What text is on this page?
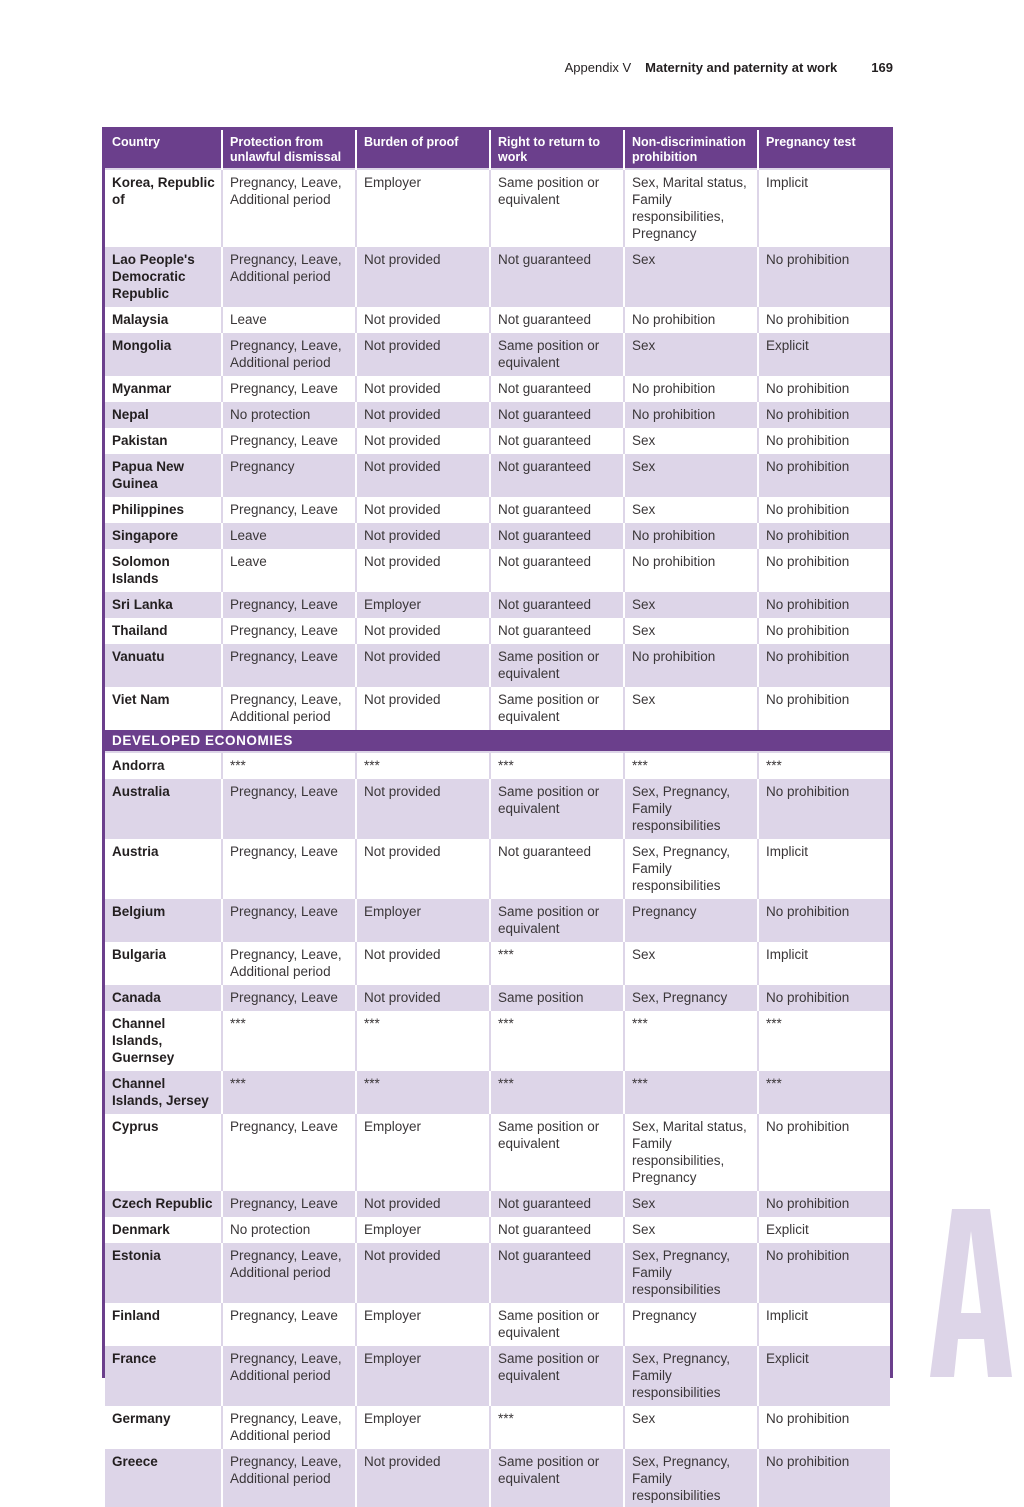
Appendix V Maternity and paternity at work	169
Country	Protection from unlawful dismissal	Burden of proof	Right to return to work	Non-discrimination prohibition	Pregnancy test
Korea, Republic of	Pregnancy, Leave, Additional period	Employer	Same position or equivalent	Sex, Marital status, Family responsibilities, Pregnancy	Implicit
Lao People's Democratic Republic	Pregnancy, Leave, Additional period	Not provided	Not guaranteed	Sex	No prohibition
Malaysia	Leave	Not provided	Not guaranteed	No prohibition	No prohibition
Mongolia	Pregnancy, Leave, Additional period	Not provided	Same position or equivalent	Sex	Explicit
Myanmar	Pregnancy, Leave	Not provided	Not guaranteed	No prohibition	No prohibition
Nepal	No protection	Not provided	Not guaranteed	No prohibition	No prohibition
Pakistan	Pregnancy, Leave	Not provided	Not guaranteed	Sex	No prohibition
Papua New Guinea	Pregnancy	Not provided	Not guaranteed	Sex	No prohibition
Philippines	Pregnancy, Leave	Not provided	Not guaranteed	Sex	No prohibition
Singapore	Leave	Not provided	Not guaranteed	No prohibition	No prohibition
Solomon Islands	Leave	Not provided	Not guaranteed	No prohibition	No prohibition
Sri Lanka	Pregnancy, Leave	Employer	Not guaranteed	Sex	No prohibition
Thailand	Pregnancy, Leave	Not provided	Not guaranteed	Sex	No prohibition
Vanuatu	Pregnancy, Leave	Not provided	Same position or equivalent	No prohibition	No prohibition
Viet Nam	Pregnancy, Leave, Additional period	Not provided	Same position or equivalent	Sex	No prohibition
DEVELOPED ECONOMIES					
Andorra	***	***	***	***	***
Australia	Pregnancy, Leave	Not provided	Same position or equivalent	Sex, Pregnancy, Family responsibilities	No prohibition
Austria	Pregnancy, Leave	Not provided	Not guaranteed	Sex, Pregnancy, Family responsibilities	Implicit
Belgium	Pregnancy, Leave	Employer	Same position or equivalent	Pregnancy	No prohibition
Bulgaria	Pregnancy, Leave, Additional period	Not provided	***	Sex	Implicit
Canada	Pregnancy, Leave	Not provided	Same position	Sex, Pregnancy	No prohibition
Channel Islands, Guernsey	***	***	***	***	***
Channel Islands, Jersey	***	***	***	***	***
Cyprus	Pregnancy, Leave	Employer	Same position or equivalent	Sex, Marital status, Family responsibilities, Pregnancy	No prohibition
Czech Republic	Pregnancy, Leave	Not provided	Not guaranteed	Sex	No prohibition
Denmark	No protection	Employer	Not guaranteed	Sex	Explicit
Estonia	Pregnancy, Leave, Additional period	Not provided	Not guaranteed	Sex, Pregnancy, Family responsibilities	No prohibition
Finland	Pregnancy, Leave	Employer	Same position or equivalent	Pregnancy	Implicit
France	Pregnancy, Leave, Additional period	Employer	Same position or equivalent	Sex, Pregnancy, Family responsibilities	Explicit
Germany	Pregnancy, Leave, Additional period	Employer	***	Sex	No prohibition
Greece	Pregnancy, Leave, Additional period	Not provided	Same position or equivalent	Sex, Pregnancy, Family responsibilities	No prohibition
A
